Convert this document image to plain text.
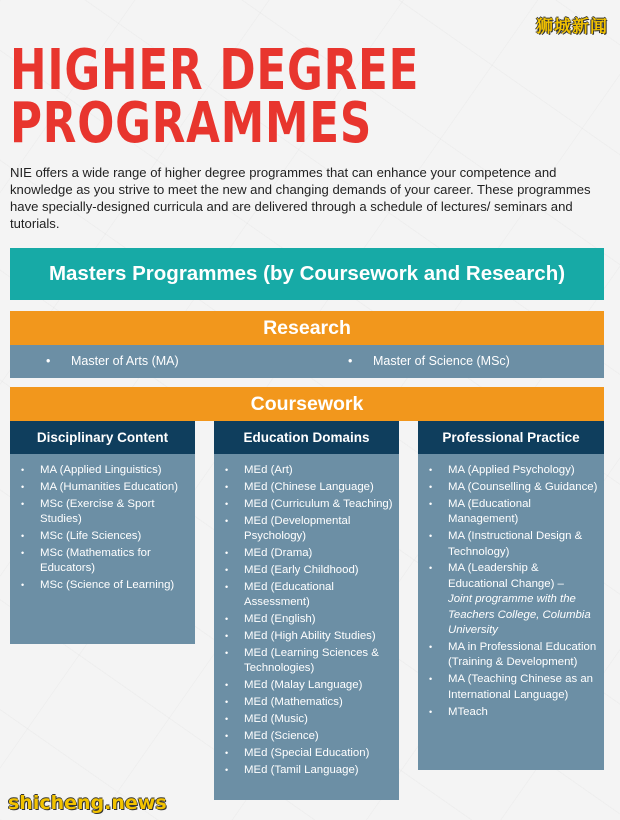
狮城新闻
HIGHER DEGREE
PROGRAMMES

NIE offers a wide range of higher degree programmes that can enhance your competence and knowledge as you strive to meet the new and changing demands of your career. These programmes have specially-designed curricula and are delivered through a schedule of lectures/ seminars and tutorials.

Masters Programmes (by Coursework and Research)
Research
• Master of Arts (MA)	• Master of Science (MSc)
Coursework
Disciplinary Content
• MA (Applied Linguistics)
• MA (Humanities Education)
• MSc (Exercise & Sport Studies)
• MSc (Life Sciences)
• MSc (Mathematics for Educators)
• MSc (Science of Learning)
Education Domains
• MEd (Art)
• MEd (Chinese Language)
• MEd (Curriculum & Teaching)
• MEd (Developmental Psychology)
• MEd (Drama)
• MEd (Early Childhood)
• MEd (Educational Assessment)
• MEd (English)
• MEd (High Ability Studies)
• MEd (Learning Sciences & Technologies)
• MEd (Malay Language)
• MEd (Mathematics)
• MEd (Music)
• MEd (Science)
• MEd (Special Education)
• MEd (Tamil Language)
Professional Practice
• MA (Applied Psychology)
• MA (Counselling & Guidance)
• MA (Educational Management)
• MA (Instructional Design & Technology)
• MA (Leadership & Educational Change) –
Joint programme with the Teachers College, Columbia University
• MA in Professional Education (Training & Development)
• MA (Teaching Chinese as an International Language)
• MTeach
shicheng.news
